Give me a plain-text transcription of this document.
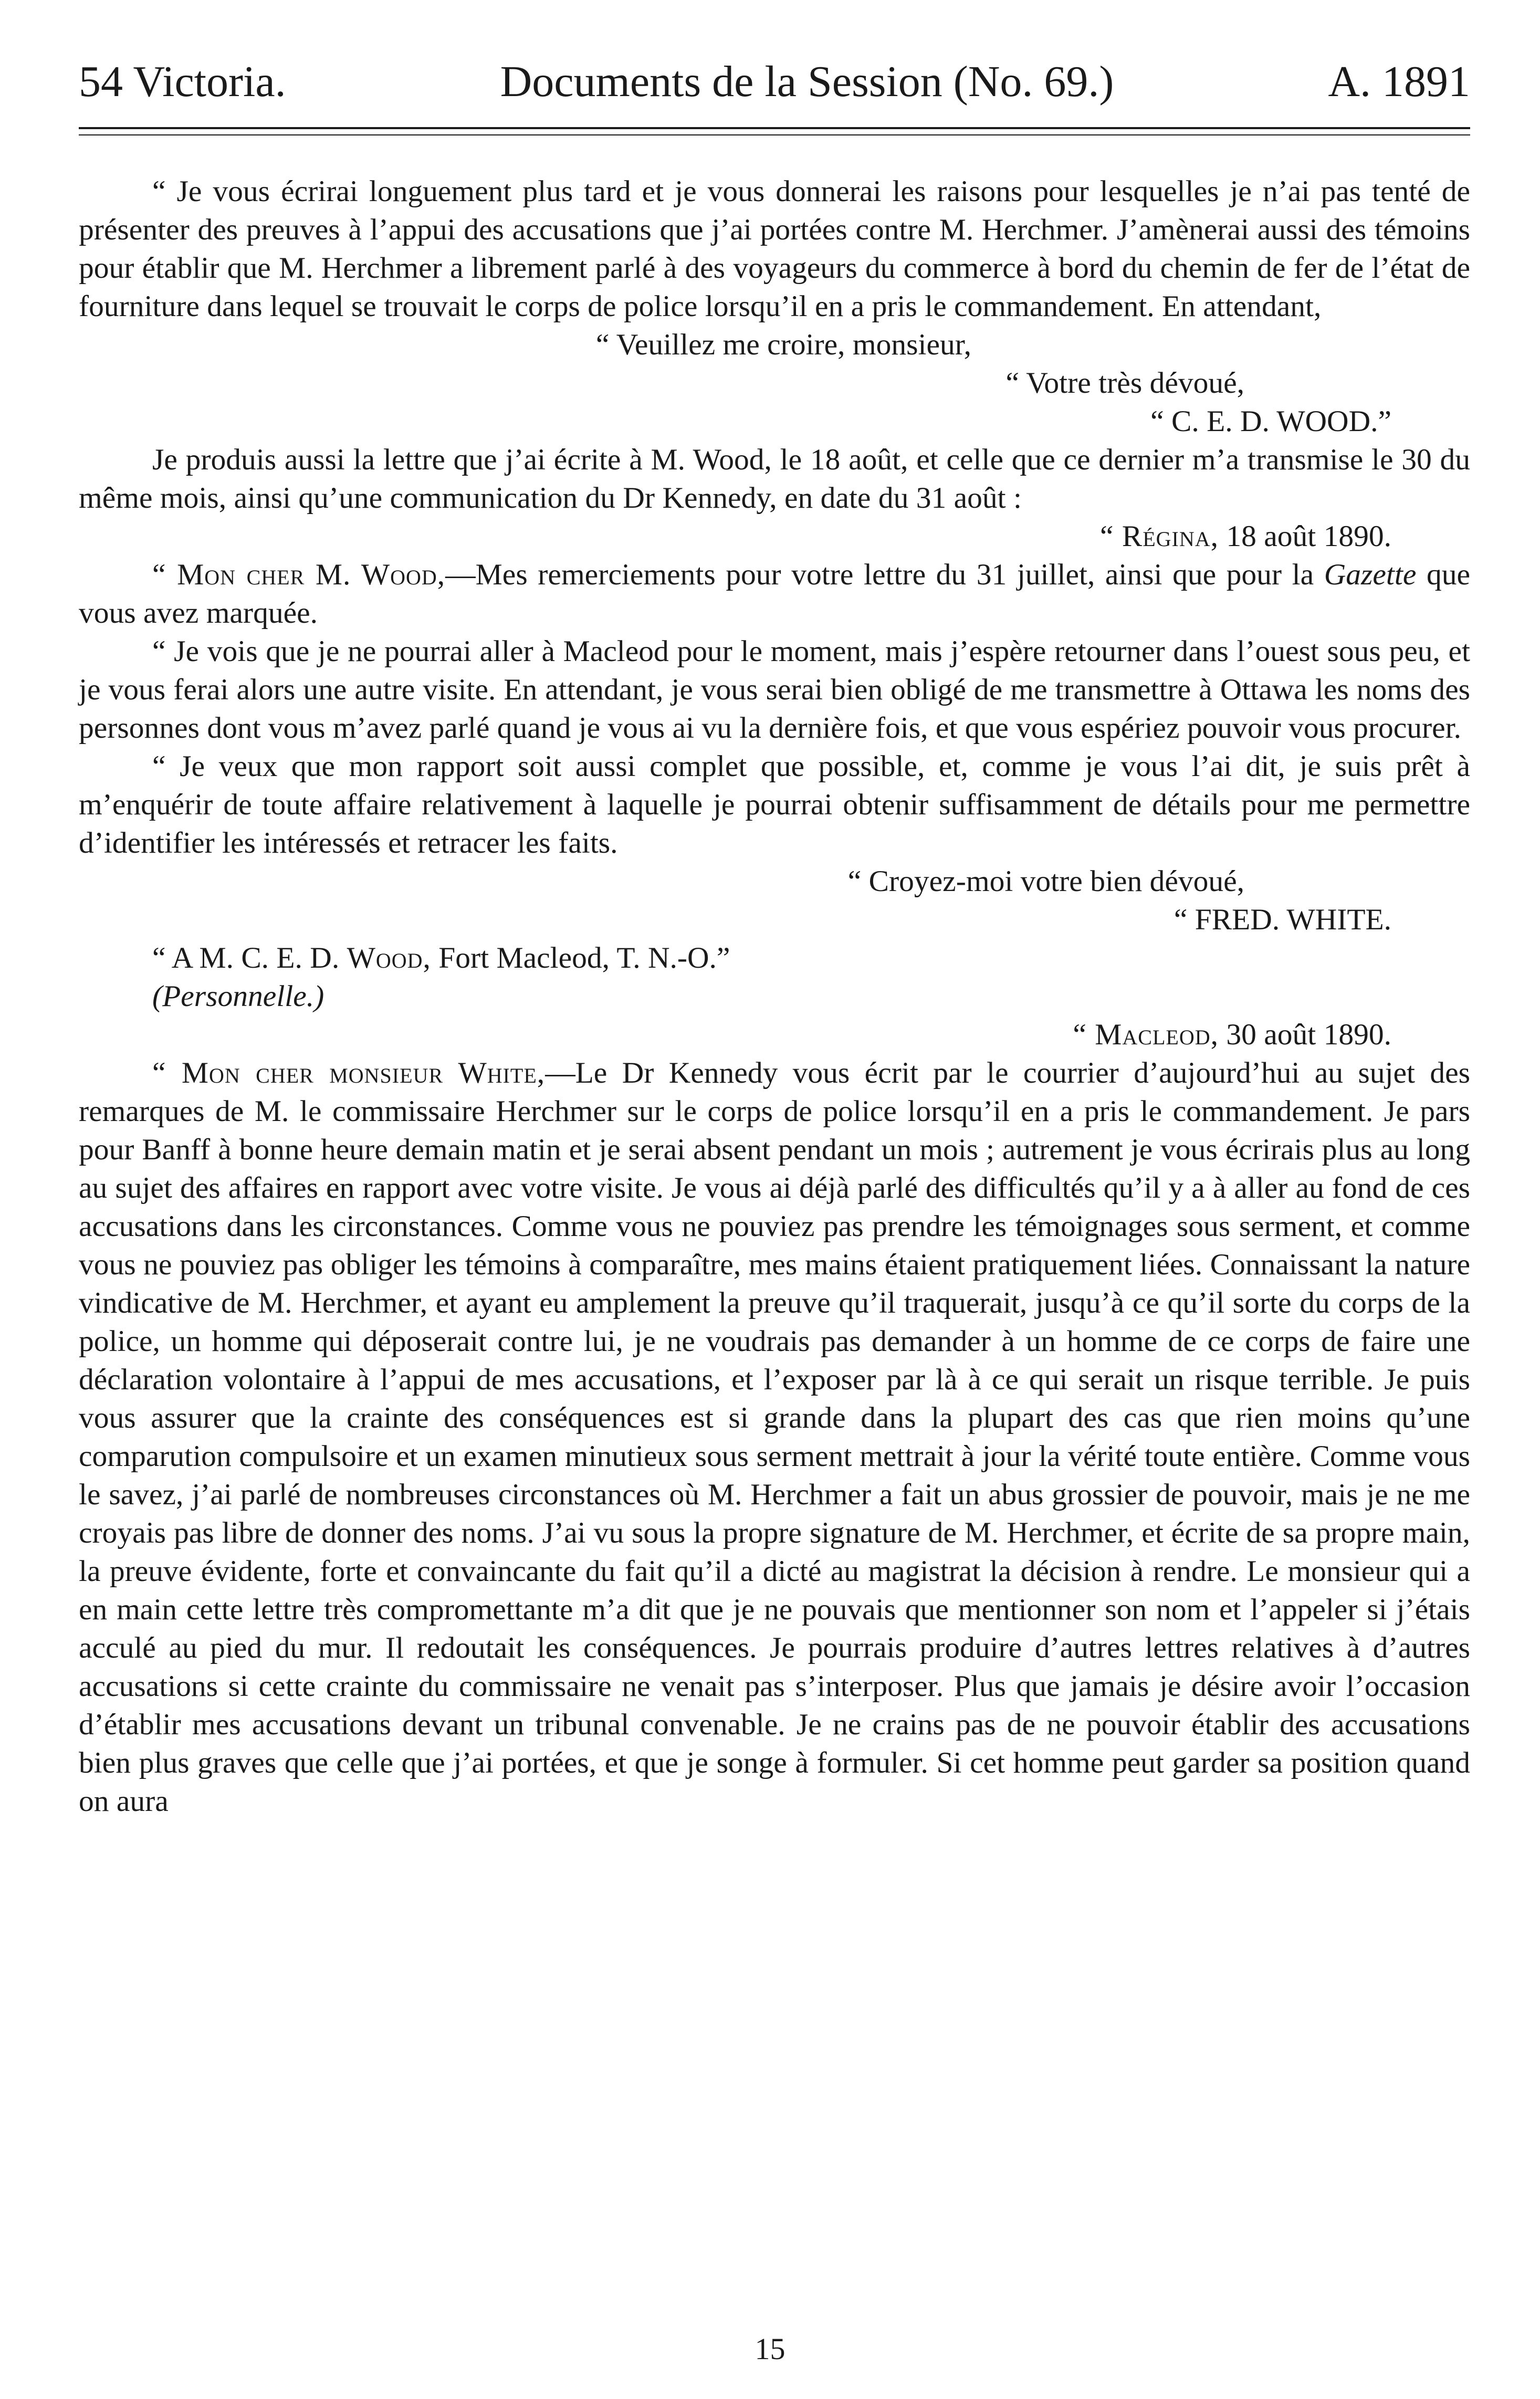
54 Victoria.	Documents de la Session (No. 69.)	A. 1891

“ Je vous écrirai longuement plus tard et je vous donnerai les raisons pour lesquelles je n’ai pas tenté de présenter des preuves à l’appui des accusations que j’ai portées contre M. Herchmer. J’amènerai aussi des témoins pour établir que M. Herchmer a librement parlé à des voyageurs du commerce à bord du chemin de fer de l’état de fourniture dans lequel se trouvait le corps de police lorsqu’il en a pris le commandement. En attendant,

“ Veuillez me croire, monsieur,

“ Votre très dévoué,

“ C. E. D. WOOD.”

Je produis aussi la lettre que j’ai écrite à M. Wood, le 18 août, et celle que ce dernier m’a transmise le 30 du même mois, ainsi qu’une communication du Dr Kennedy, en date du 31 août :

“ Régina, 18 août 1890.

“ Mon cher M. Wood,—Mes remerciements pour votre lettre du 31 juillet, ainsi que pour la Gazette que vous avez marquée.

“ Je vois que je ne pourrai aller à Macleod pour le moment, mais j’espère retourner dans l’ouest sous peu, et je vous ferai alors une autre visite. En attendant, je vous serai bien obligé de me transmettre à Ottawa les noms des personnes dont vous m’avez parlé quand je vous ai vu la dernière fois, et que vous espériez pouvoir vous procurer.

“ Je veux que mon rapport soit aussi complet que possible, et, comme je vous l’ai dit, je suis prêt à m’enquérir de toute affaire relativement à laquelle je pourrai obtenir suffisamment de détails pour me permettre d’identifier les intéressés et retracer les faits.

“ Croyez-moi votre bien dévoué,

“ FRED. WHITE.

“ A M. C. E. D. Wood, Fort Macleod, T. N.-O.”

(Personnelle.)

“ Macleod, 30 août 1890.

“ Mon cher monsieur White,—Le Dr Kennedy vous écrit par le courrier d’aujourd’hui au sujet des remarques de M. le commissaire Herchmer sur le corps de police lorsqu’il en a pris le commandement. Je pars pour Banff à bonne heure demain matin et je serai absent pendant un mois ; autrement je vous écrirais plus au long au sujet des affaires en rapport avec votre visite. Je vous ai déjà parlé des difficultés qu’il y a à aller au fond de ces accusations dans les circonstances. Comme vous ne pouviez pas prendre les témoignages sous serment, et comme vous ne pouviez pas obliger les témoins à comparaître, mes mains étaient pratiquement liées. Connaissant la nature vindicative de M. Herchmer, et ayant eu amplement la preuve qu’il traquerait, jusqu’à ce qu’il sorte du corps de la police, un homme qui déposerait contre lui, je ne voudrais pas demander à un homme de ce corps de faire une déclaration volontaire à l’appui de mes accusations, et l’exposer par là à ce qui serait un risque terrible. Je puis vous assurer que la crainte des conséquences est si grande dans la plupart des cas que rien moins qu’une comparution compulsoire et un examen minutieux sous serment mettrait à jour la vérité toute entière. Comme vous le savez, j’ai parlé de nombreuses circonstances où M. Herchmer a fait un abus grossier de pouvoir, mais je ne me croyais pas libre de donner des noms. J’ai vu sous la propre signature de M. Herchmer, et écrite de sa propre main, la preuve évidente, forte et convaincante du fait qu’il a dicté au magistrat la décision à rendre. Le monsieur qui a en main cette lettre très compromettante m’a dit que je ne pouvais que mentionner son nom et l’appeler si j’étais acculé au pied du mur. Il redoutait les conséquences. Je pourrais produire d’autres lettres relatives à d’autres accusations si cette crainte du commissaire ne venait pas s’interposer. Plus que jamais je désire avoir l’occasion d’établir mes accusations devant un tribunal convenable. Je ne crains pas de ne pouvoir établir des accusations bien plus graves que celle que j’ai portées, et que je songe à formuler. Si cet homme peut garder sa position quand on aura

15
